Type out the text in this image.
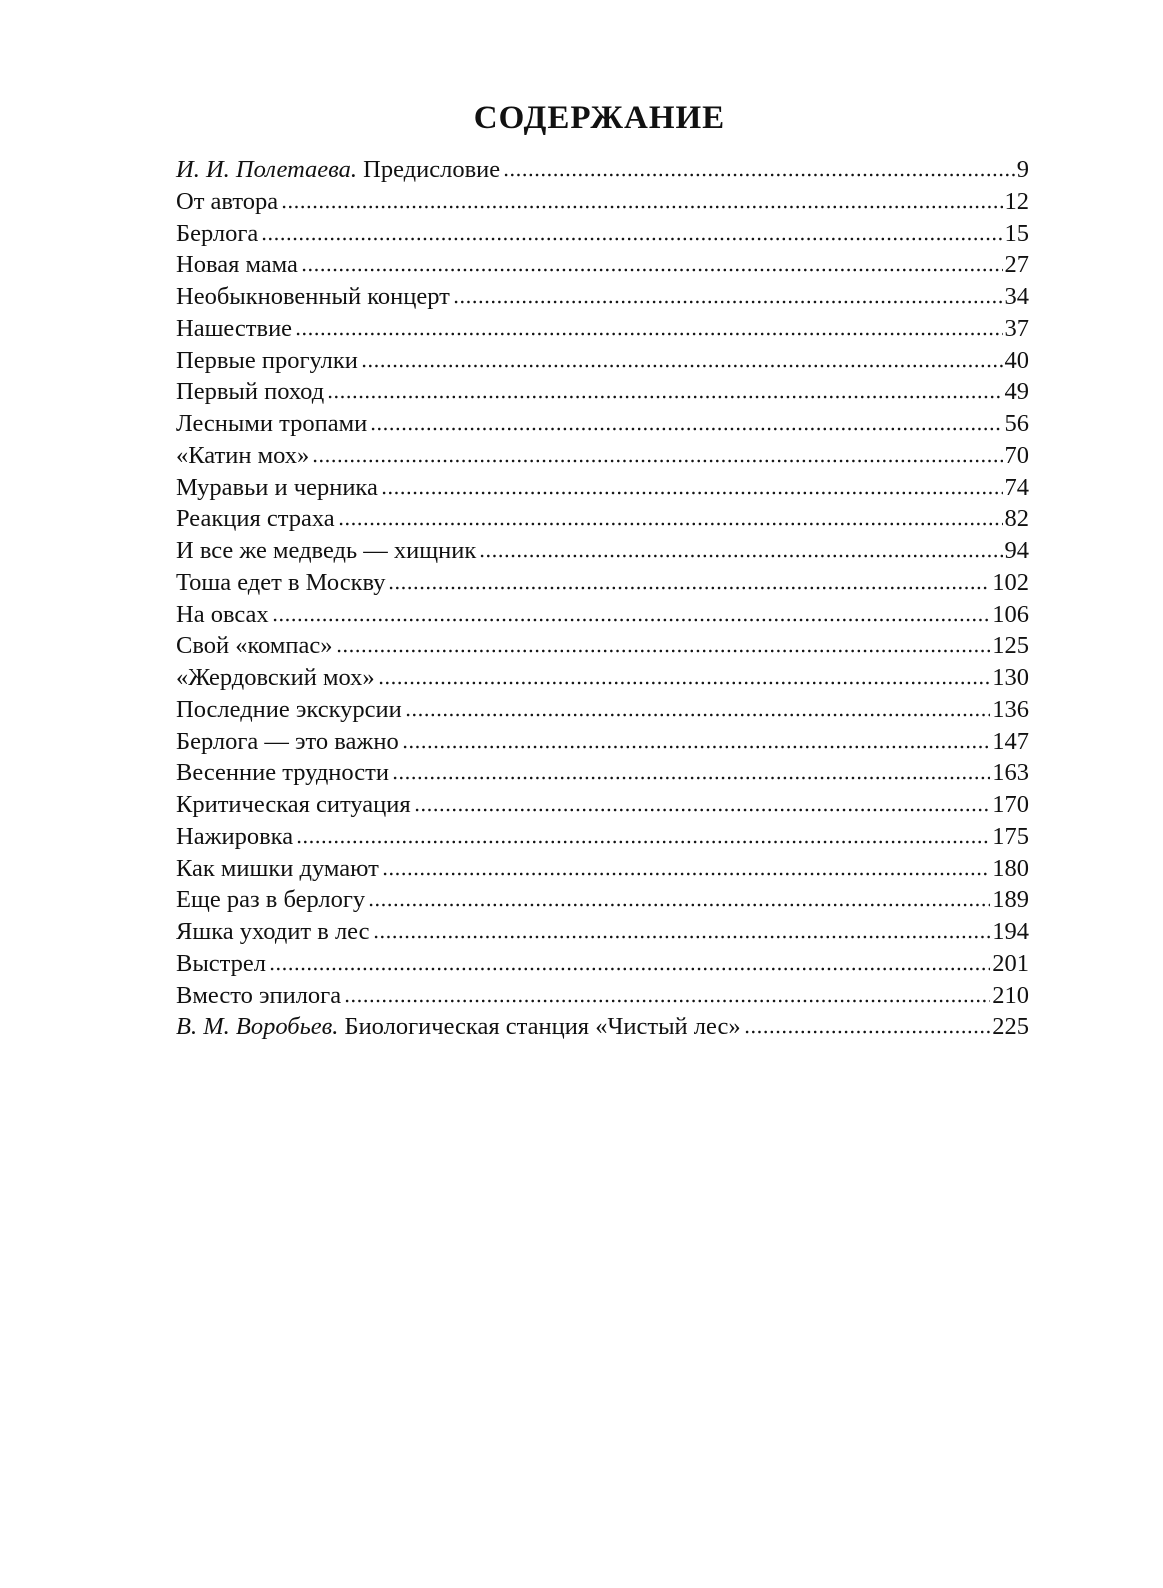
СОДЕРЖАНИЕ
И. И. Полетаева. Предисловие	9
От автора	12
Берлога	15
Новая мама	27
Необыкновенный концерт	34
Нашествие	37
Первые прогулки	40
Первый поход	49
Лесными тропами	56
«Катин мох»	70
Муравьи и черника	74
Реакция страха	82
И все же медведь — хищник	94
Тоша едет в Москву	102
На овсах	106
Свой «компас»	125
«Жердовский мох»	130
Последние экскурсии	136
Берлога — это важно	147
Весенние трудности	163
Критическая ситуация	170
Нажировка	175
Как мишки думают	180
Еще раз в берлогу	189
Яшка уходит в лес	194
Выстрел	201
Вместо эпилога	210
В. М. Воробьев. Биологическая станция «Чистый лес»	225
